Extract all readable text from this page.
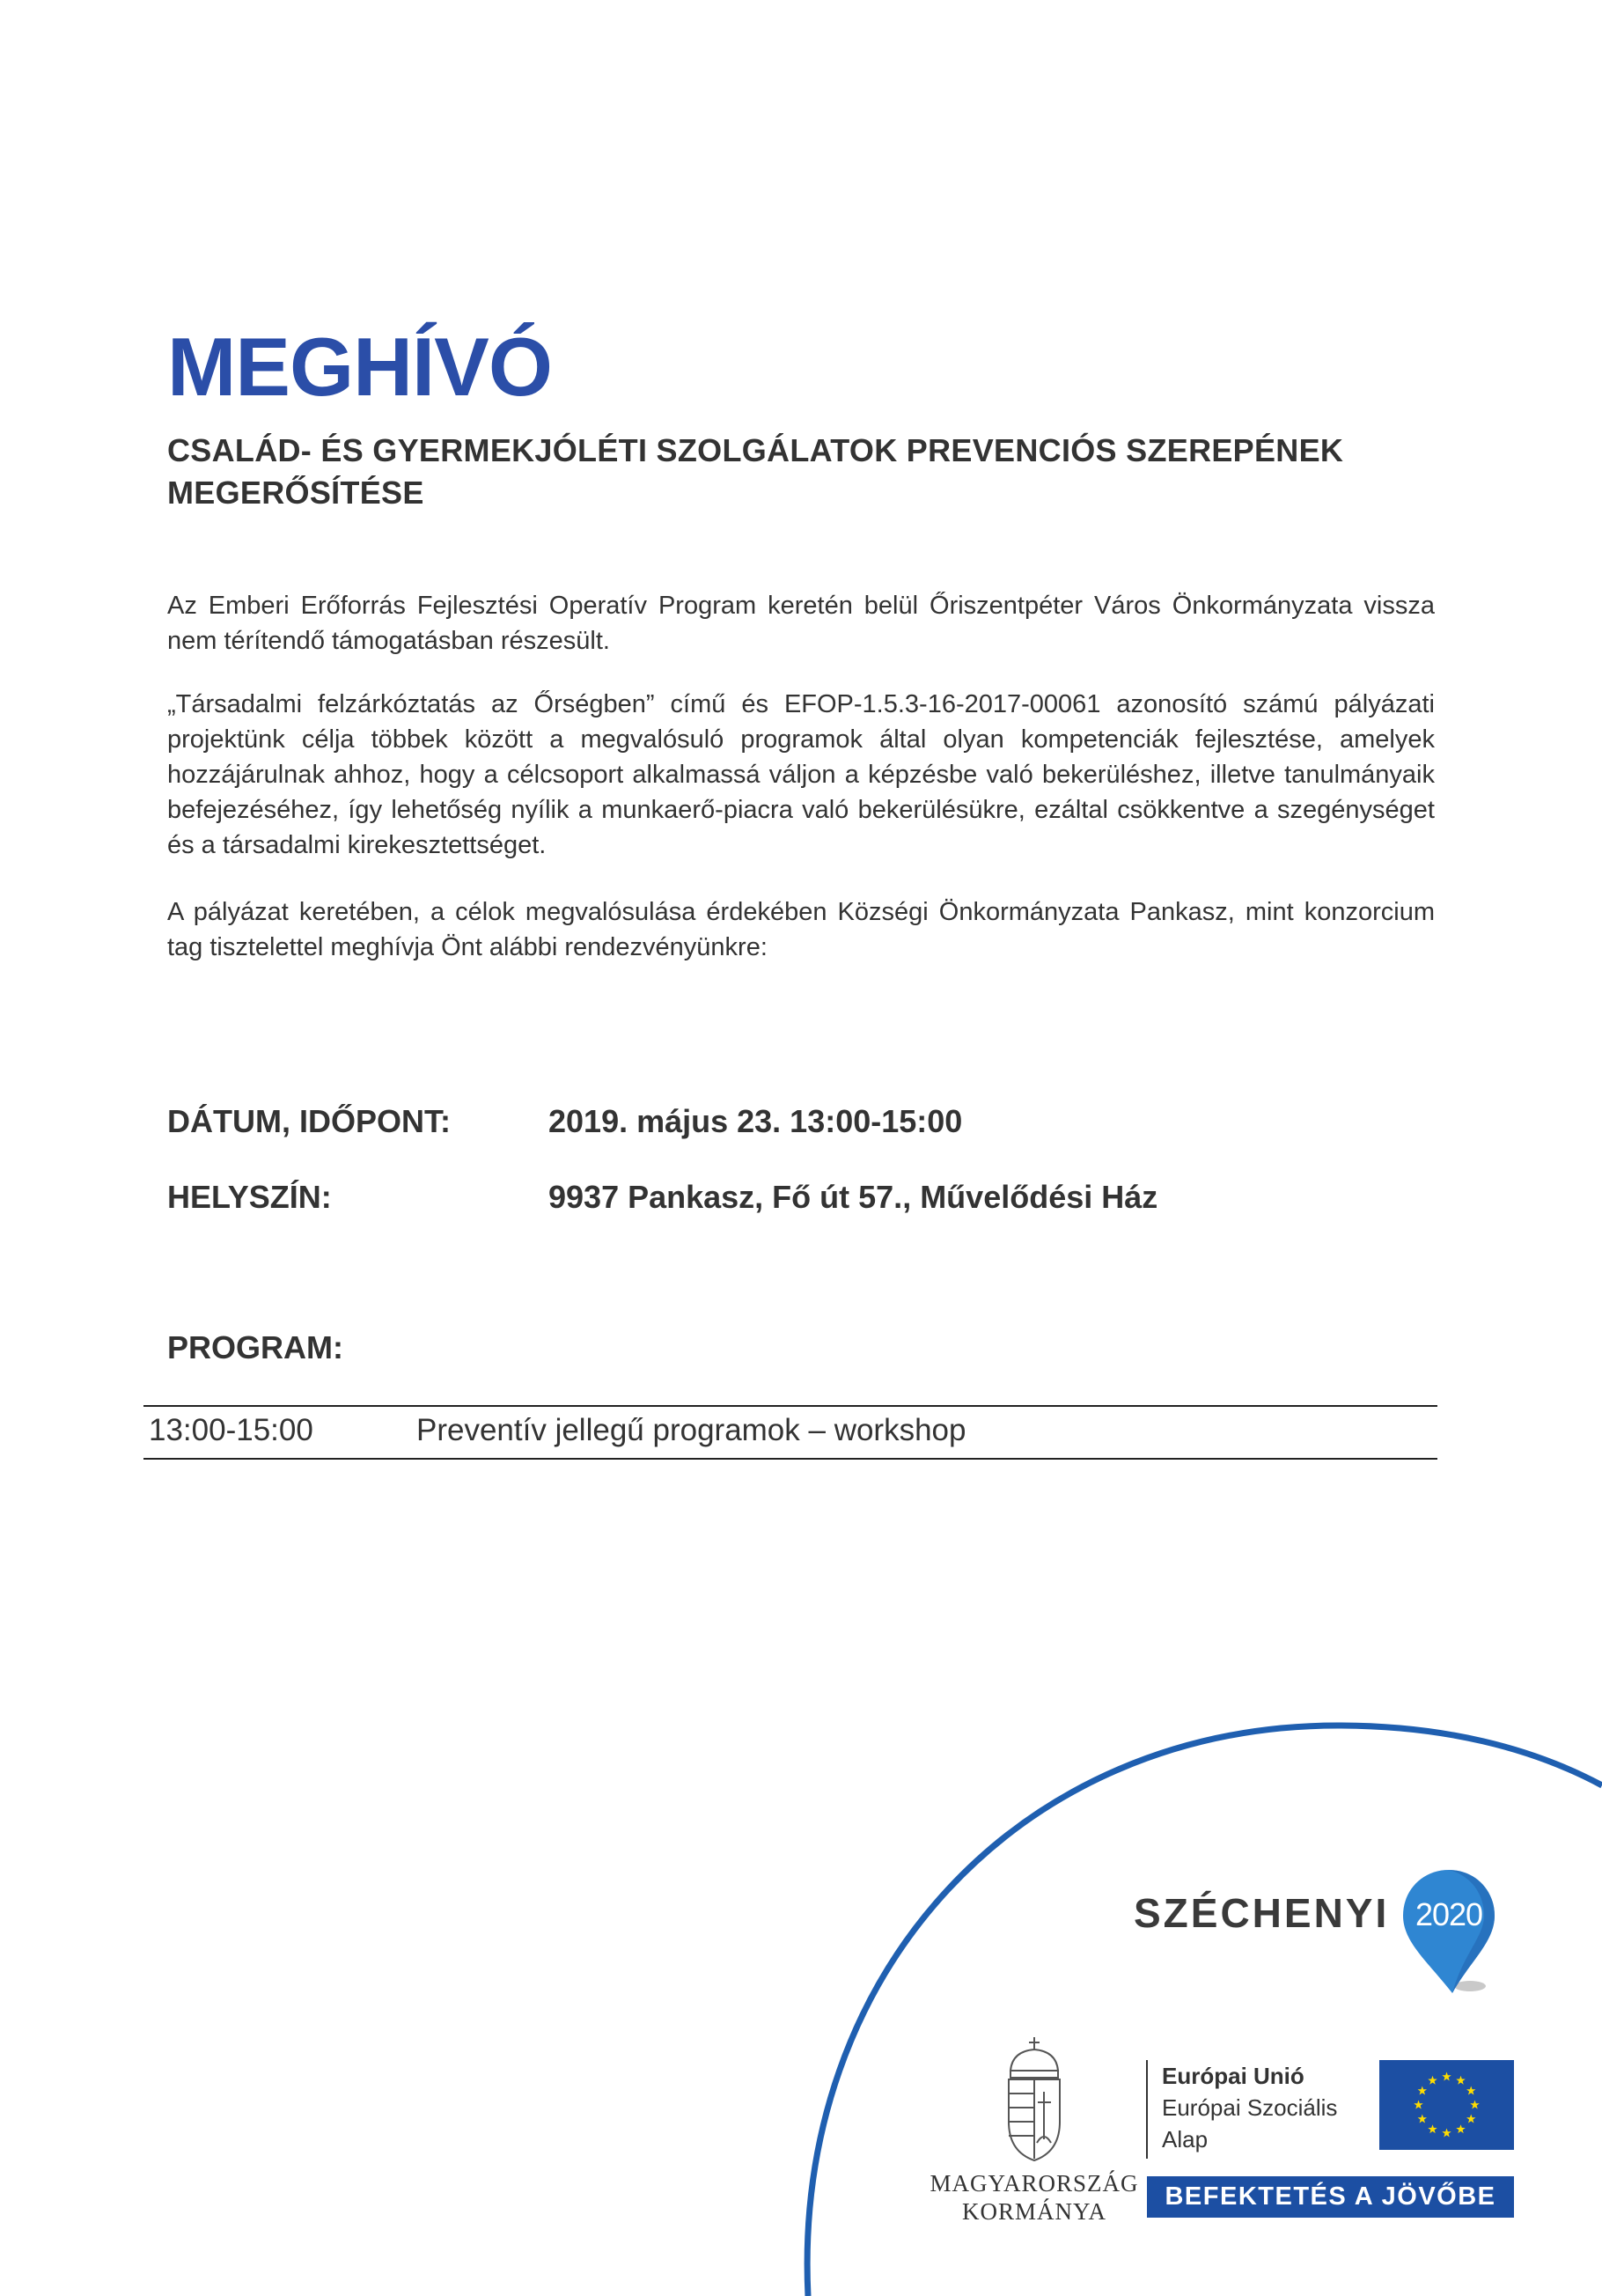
MEGHÍVÓ
CSALÁD- ÉS GYERMEKJÓLÉTI SZOLGÁLATOK PREVENCIÓS SZEREPÉNEK
MEGERŐSÍTÉSE

Az Emberi Erőforrás Fejlesztési Operatív Program keretén belül Őriszentpéter Város Önkormányzata vissza nem térítendő támogatásban részesült.

„Társadalmi felzárkóztatás az Őrségben” című és EFOP-1.5.3-16-2017-00061 azonosító számú pályázati projektünk célja többek között a megvalósuló programok által olyan kompetenciák fejlesztése, amelyek hozzájárulnak ahhoz, hogy a célcsoport alkalmassá váljon a képzésbe való bekerüléshez, illetve tanulmányaik befejezéséhez, így lehetőség nyílik a munkaerő-piacra való bekerülésükre, ezáltal csökkentve a szegénységet és a társadalmi kirekesztettséget.

A pályázat keretében, a célok megvalósulása érdekében Községi Önkormányzata Pankasz, mint konzorcium tag tisztelettel meghívja Önt alábbi rendezvényünkre:

DÁTUM, IDŐPONT:	2019. május 23. 13:00-15:00

HELYSZÍN:	9937 Pankasz, Fő út 57., Művelődési Ház

PROGRAM:

13:00-15:00	Preventív jellegű programok – workshop

SZÉCHENYI 2020

MAGYARORSZÁG

KORMÁNYA

Európai Unió

Európai Szociális

Alap

BEFEKTETÉS A JÖVŐBE
